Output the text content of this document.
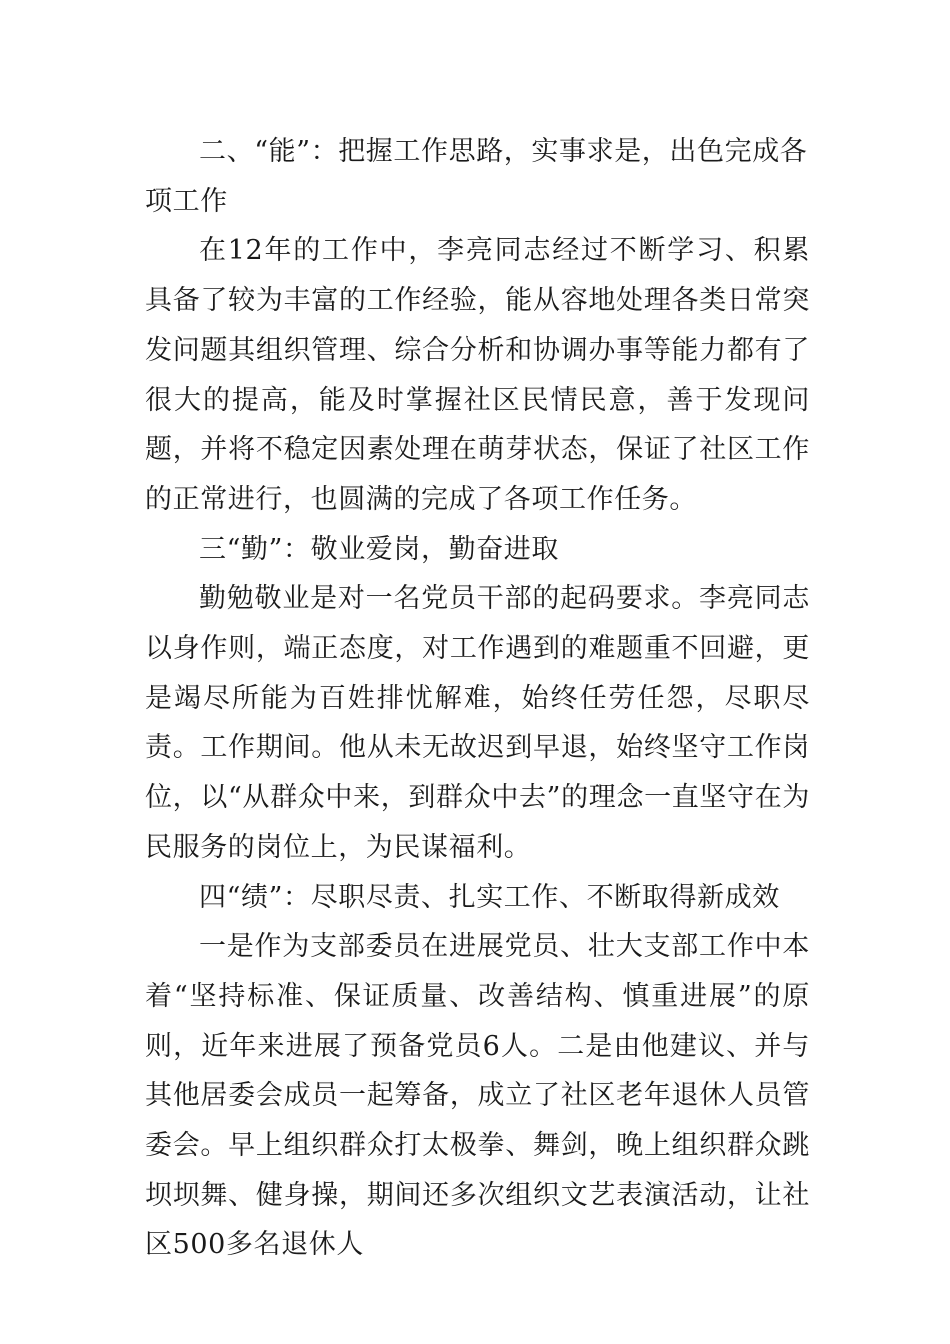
二、“能”：把握工作思路，实事求是，出色完成各项工作

在12年的工作中，李亮同志经过不断学习、积累具备了较为丰富的工作经验，能从容地处理各类日常突发问题其组织管理、综合分析和协调办事等能力都有了很大的提高，能及时掌握社区民情民意，善于发现问题，并将不稳定因素处理在萌芽状态，保证了社区工作的正常进行，也圆满的完成了各项工作任务。

三“勤”：敬业爱岗，勤奋进取

勤勉敬业是对一名党员干部的起码要求。李亮同志以身作则，端正态度，对工作遇到的难题重不回避，更是竭尽所能为百姓排忧解难，始终任劳任怨，尽职尽责。工作期间。他从未无故迟到早退，始终坚守工作岗位，以“从群众中来，到群众中去”的理念一直坚守在为民服务的岗位上，为民谋福利。

四“绩”：尽职尽责、扎实工作、不断取得新成效

一是作为支部委员在进展党员、壮大支部工作中本着“坚持标准、保证质量、改善结构、慎重进展”的原则，近年来进展了预备党员6人。二是由他建议、并与其他居委会成员一起筹备，成立了社区老年退休人员管委会。早上组织群众打太极拳、舞剑，晚上组织群众跳坝坝舞、健身操，期间还多次组织文艺表演活动，让社区500多名退休人
